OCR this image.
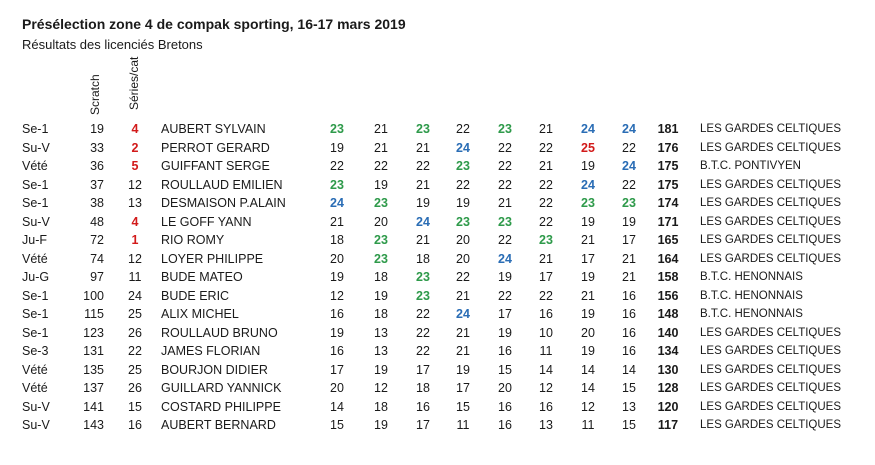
Présélection zone 4 de compak sporting, 16-17 mars 2019
Résultats des licenciés Bretons
Scratch Séries/cat
Se-1	19 4 AUBERT SYLVAIN	23	21	23	22	23	21	24	24	181 LES GARDES CELTIQUES
Su-V	33 2 PERROT GERARD	19	21	21	24	22	22	25	22	176 LES GARDES CELTIQUES
Vété	36 5 GUIFFANT SERGE	22	22	22	23	22	21	19	24	175 B.T.C. PONTIVYEN
Se-1	37 12 ROULLAUD EMILIEN	23	19	21	22	22	22	24	22	175 LES GARDES CELTIQUES
Se-1	38 13 DESMAISON P.ALAIN	24	23	19	19	21	22	23	23	174 LES GARDES CELTIQUES
Su-V	48 4 LE GOFF YANN	21	20	24	23	23	22	19	19	171 LES GARDES CELTIQUES
Ju-F	72 1 RIO ROMY	18	23	21	20	22	23	21	17	165 LES GARDES CELTIQUES
Vété	74 12 LOYER PHILIPPE	20	23	18	20	24	21	17	21	164 LES GARDES CELTIQUES
Ju-G	97 11 BUDE MATEO	19	18	23	22	19	17	19	21	158 B.T.C. HENONNAIS
Se-1	100 24 BUDE ERIC	12	19	23	21	22	22	21	16	156 B.T.C. HENONNAIS
Se-1	115 25 ALIX MICHEL	16	18	22	24	17	16	19	16	148 B.T.C. HENONNAIS
Se-1	123 26 ROULLAUD BRUNO	19	13	22	21	19	10	20	16	140 LES GARDES CELTIQUES
Se-3	131 22 JAMES FLORIAN	16	13	22	21	16	11	19	16	134 LES GARDES CELTIQUES
Vété	135 25 BOURJON DIDIER	17	19	17	19	15	14	14	14	130 LES GARDES CELTIQUES
Vété	137 26 GUILLARD YANNICK	20	12	18	17	20	12	14	15	128 LES GARDES CELTIQUES
Su-V	141 15 COSTARD PHILIPPE	14	18	16	15	16	16	12	13	120 LES GARDES CELTIQUES
Su-V	143 16 AUBERT BERNARD	15	19	17	11	16	13	11	15	117 LES GARDES CELTIQUES
